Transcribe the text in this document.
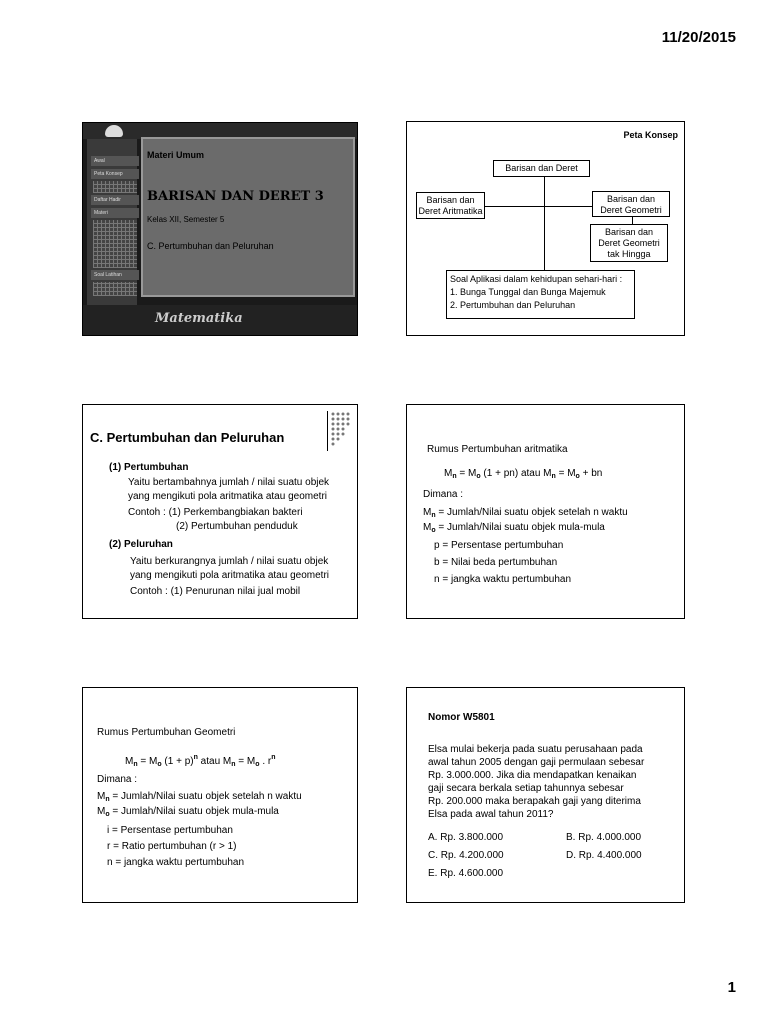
11/20/2015
Awal
Peta Konsep
Daftar Hadir
Materi
Soal Latihan
Materi Umum
BARISAN DAN DERET 3
Kelas XII, Semester 5
C. Pertumbuhan dan Peluruhan
Matematika
Peta Konsep
Barisan dan Deret
Barisan dan
Deret Aritmatika
Barisan dan
Deret Geometri
Barisan dan
Deret Geometri
tak Hingga
Soal Aplikasi dalam kehidupan sehari-hari :
1. Bunga Tunggal dan Bunga Majemuk
2. Pertumbuhan dan Peluruhan
C. Pertumbuhan dan Peluruhan
(1) Pertumbuhan
Yaitu bertambahnya jumlah / nilai suatu objek
yang mengikuti pola aritmatika atau geometri
Contoh : (1) Perkembangbiakan bakteri
(2) Pertumbuhan penduduk
(2) Peluruhan
Yaitu berkurangnya jumlah / nilai suatu objek
yang mengikuti pola aritmatika atau geometri
Contoh : (1) Penurunan nilai jual mobil
Rumus Pertumbuhan aritmatika
$M_n = M_o$ (1 + pn) atau $M_n = M_o$ + bn
Dimana :
$M_n$ = Jumlah/Nilai suatu objek setelah n waktu
$M_o$ = Jumlah/Nilai suatu objek mula-mula
p = Persentase pertumbuhan
b = Nilai beda pertumbuhan
n = jangka waktu pertumbuhan
Rumus Pertumbuhan Geometri
$M_n = M_o$ $(1 + p)^n$ atau $M_n = M_o$ . $r^n$
Dimana :
$M_n$ = Jumlah/Nilai suatu objek setelah n waktu
$M_o$ = Jumlah/Nilai suatu objek mula-mula
i = Persentase pertumbuhan
r = Ratio pertumbuhan (r > 1)
n = jangka waktu pertumbuhan
Nomor W5801
Elsa mulai bekerja pada suatu perusahaan pada
awal tahun 2005 dengan gaji permulaan sebesar
Rp. 3.000.000. Jika dia mendapatkan kenaikan
gaji secara berkala setiap tahunnya sebesar
Rp. 200.000 maka berapakah gaji yang diterima
Elsa pada awal tahun 2011?
A. Rp. 3.800.000	B. Rp. 4.000.000
C. Rp. 4.200.000	D. Rp. 4.400.000
E. Rp. 4.600.000
1
